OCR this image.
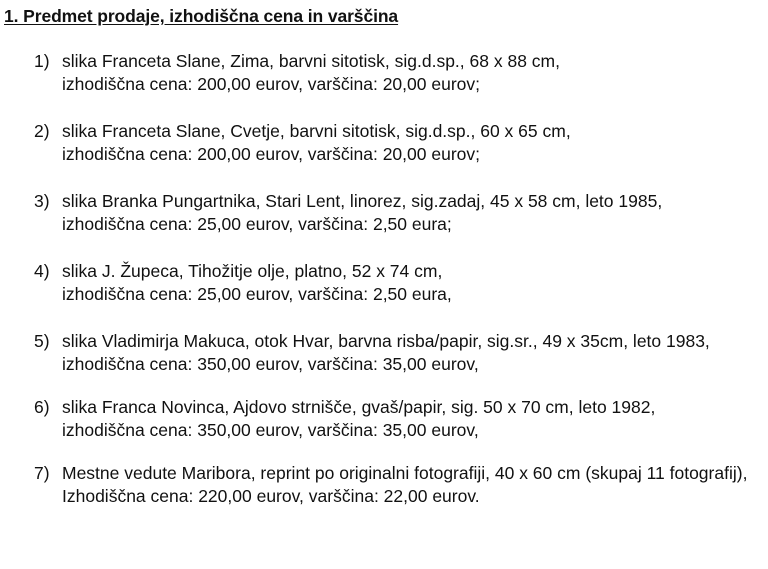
1. Predmet prodaje, izhodiščna cena in varščina
1) slika Franceta Slane, Zima, barvni sitotisk, sig.d.sp., 68 x 88 cm,
izhodiščna cena: 200,00 eurov, varščina: 20,00 eurov;
2) slika Franceta Slane, Cvetje, barvni sitotisk, sig.d.sp., 60 x 65 cm,
izhodiščna cena: 200,00 eurov, varščina: 20,00 eurov;
3) slika Branka Pungartnika, Stari Lent, linorez, sig.zadaj, 45 x 58 cm, leto 1985,
izhodiščna cena: 25,00 eurov, varščina: 2,50 eura;
4) slika J. Župeca, Tihožitje olje, platno, 52 x 74 cm,
izhodiščna cena: 25,00 eurov, varščina: 2,50 eura,
5) slika Vladimirja Makuca, otok Hvar, barvna risba/papir, sig.sr., 49 x 35cm, leto 1983,
izhodiščna cena: 350,00 eurov, varščina: 35,00 eurov,
6) slika Franca Novinca, Ajdovo strnišče, gvaš/papir, sig. 50 x 70 cm, leto 1982,
izhodiščna cena: 350,00 eurov, varščina: 35,00 eurov,
7) Mestne vedute Maribora, reprint po originalni fotografiji, 40 x 60 cm (skupaj 11 fotografij),
Izhodiščna cena: 220,00 eurov, varščina: 22,00 eurov.
